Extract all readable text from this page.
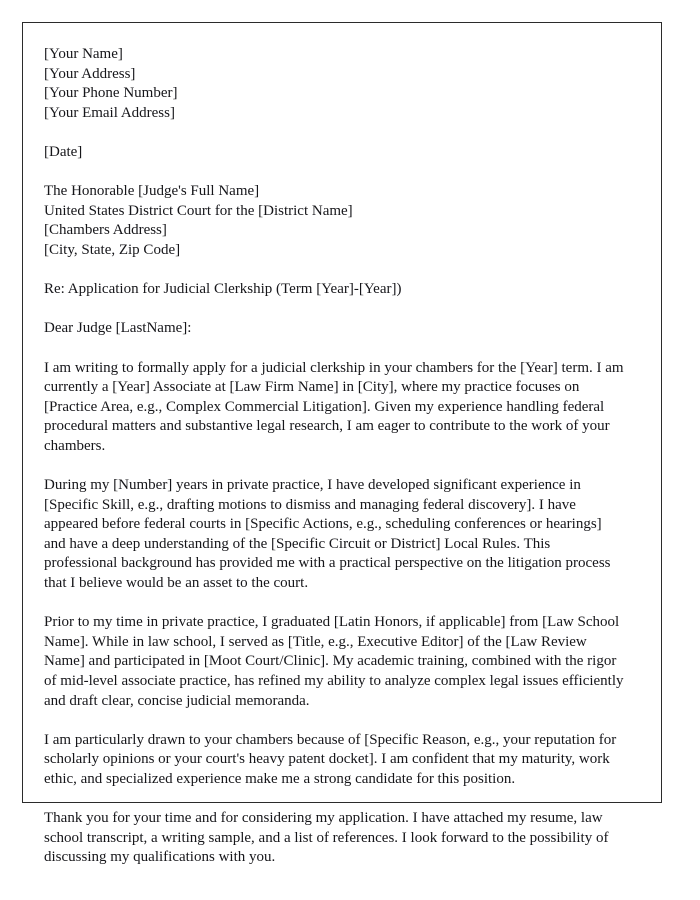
[Your Name]
[Your Address]
[Your Phone Number]
[Your Email Address]
[Date]
The Honorable [Judge's Full Name]
United States District Court for the [District Name]
[Chambers Address]
[City, State, Zip Code]
Re: Application for Judicial Clerkship (Term [Year]-[Year])
Dear Judge [LastName]:

I am writing to formally apply for a judicial clerkship in your chambers for the [Year] term. I am currently a [Year] Associate at [Law Firm Name] in [City], where my practice focuses on [Practice Area, e.g., Complex Commercial Litigation]. Given my experience handling federal procedural matters and substantive legal research, I am eager to contribute to the work of your chambers.

During my [Number] years in private practice, I have developed significant experience in [Specific Skill, e.g., drafting motions to dismiss and managing federal discovery]. I have appeared before federal courts in [Specific Actions, e.g., scheduling conferences or hearings] and have a deep understanding of the [Specific Circuit or District] Local Rules. This professional background has provided me with a practical perspective on the litigation process that I believe would be an asset to the court.

Prior to my time in private practice, I graduated [Latin Honors, if applicable] from [Law School Name]. While in law school, I served as [Title, e.g., Executive Editor] of the [Law Review Name] and participated in [Moot Court/Clinic]. My academic training, combined with the rigor of mid-level associate practice, has refined my ability to analyze complex legal issues efficiently and draft clear, concise judicial memoranda.

I am particularly drawn to your chambers because of [Specific Reason, e.g., your reputation for scholarly opinions or your court's heavy patent docket]. I am confident that my maturity, work ethic, and specialized experience make me a strong candidate for this position.

Thank you for your time and for considering my application. I have attached my resume, law school transcript, a writing sample, and a list of references. I look forward to the possibility of discussing my qualifications with you.
